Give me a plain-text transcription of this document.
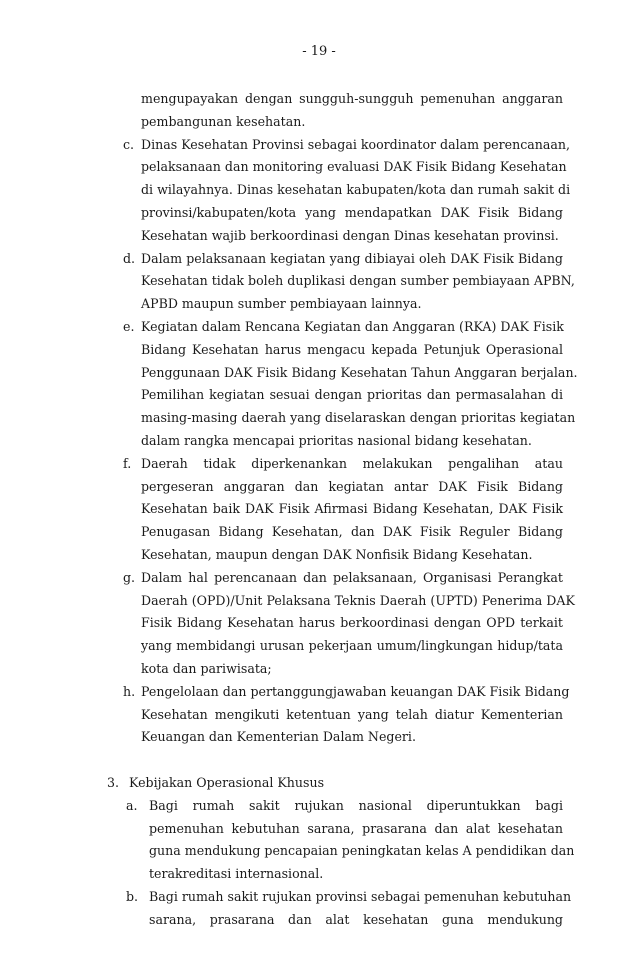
- 19 -
mengupayakan dengan sungguh-sungguh pemenuhan anggaran
pembangunan kesehatan.
c. Dinas Kesehatan Provinsi sebagai koordinator dalam perencanaan,
pelaksanaan dan monitoring evaluasi DAK Fisik Bidang Kesehatan
di wilayahnya. Dinas kesehatan kabupaten/kota dan rumah sakit di
provinsi/kabupaten/kota yang mendapatkan DAK Fisik Bidang
Kesehatan wajib berkoordinasi dengan Dinas kesehatan provinsi.
d. Dalam pelaksanaan kegiatan yang dibiayai oleh DAK Fisik Bidang
Kesehatan tidak boleh duplikasi dengan sumber pembiayaan APBN,
APBD maupun sumber pembiayaan lainnya.
e. Kegiatan dalam Rencana Kegiatan dan Anggaran (RKA) DAK Fisik
Bidang Kesehatan harus mengacu kepada Petunjuk Operasional
Penggunaan DAK Fisik Bidang Kesehatan Tahun Anggaran berjalan.
Pemilihan kegiatan sesuai dengan prioritas dan permasalahan di
masing-masing daerah yang diselaraskan dengan prioritas kegiatan
dalam rangka mencapai prioritas nasional bidang kesehatan.
f. Daerah tidak diperkenankan melakukan pengalihan atau
pergeseran anggaran dan kegiatan antar DAK Fisik Bidang
Kesehatan baik DAK Fisik Afirmasi Bidang Kesehatan, DAK Fisik
Penugasan Bidang Kesehatan, dan DAK Fisik Reguler Bidang
Kesehatan, maupun dengan DAK Nonfisik Bidang Kesehatan.
g. Dalam hal perencanaan dan pelaksanaan, Organisasi Perangkat
Daerah (OPD)/Unit Pelaksana Teknis Daerah (UPTD) Penerima DAK
Fisik Bidang Kesehatan harus berkoordinasi dengan OPD terkait
yang membidangi urusan pekerjaan umum/lingkungan hidup/tata
kota dan pariwisata;
h. Pengelolaan dan pertanggungjawaban keuangan DAK Fisik Bidang
Kesehatan mengikuti ketentuan yang telah diatur Kementerian
Keuangan dan Kementerian Dalam Negeri.
3. Kebijakan Operasional Khusus
a. Bagi rumah sakit rujukan nasional diperuntukkan bagi
pemenuhan kebutuhan sarana, prasarana dan alat kesehatan
guna mendukung pencapaian peningkatan kelas A pendidikan dan
terakreditasi internasional.
b. Bagi rumah sakit rujukan provinsi sebagai pemenuhan kebutuhan
sarana, prasarana dan alat kesehatan guna mendukung
